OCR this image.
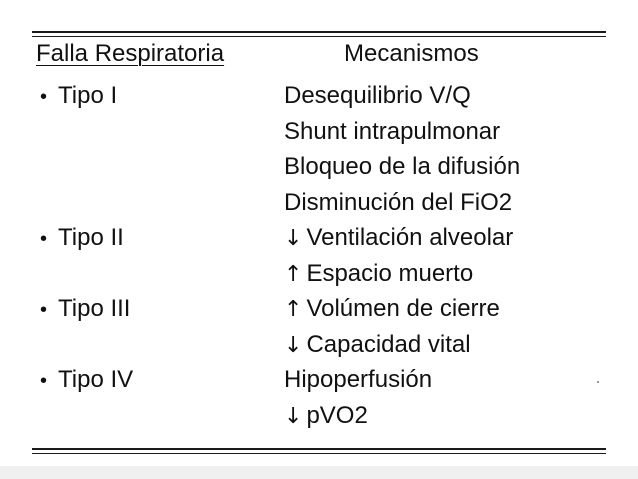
Falla Respiratoria	Mecanismos
• Tipo I	Desequilibrio V/Q
Shunt intrapulmonar
Bloqueo de la difusión
Disminución del FiO2
• Tipo II	↓ Ventilación alveolar
↑ Espacio muerto
• Tipo III	↑ Volúmen de cierre
↓ Capacidad vital
• Tipo IV	Hipoperfusión
↓ pVO2
